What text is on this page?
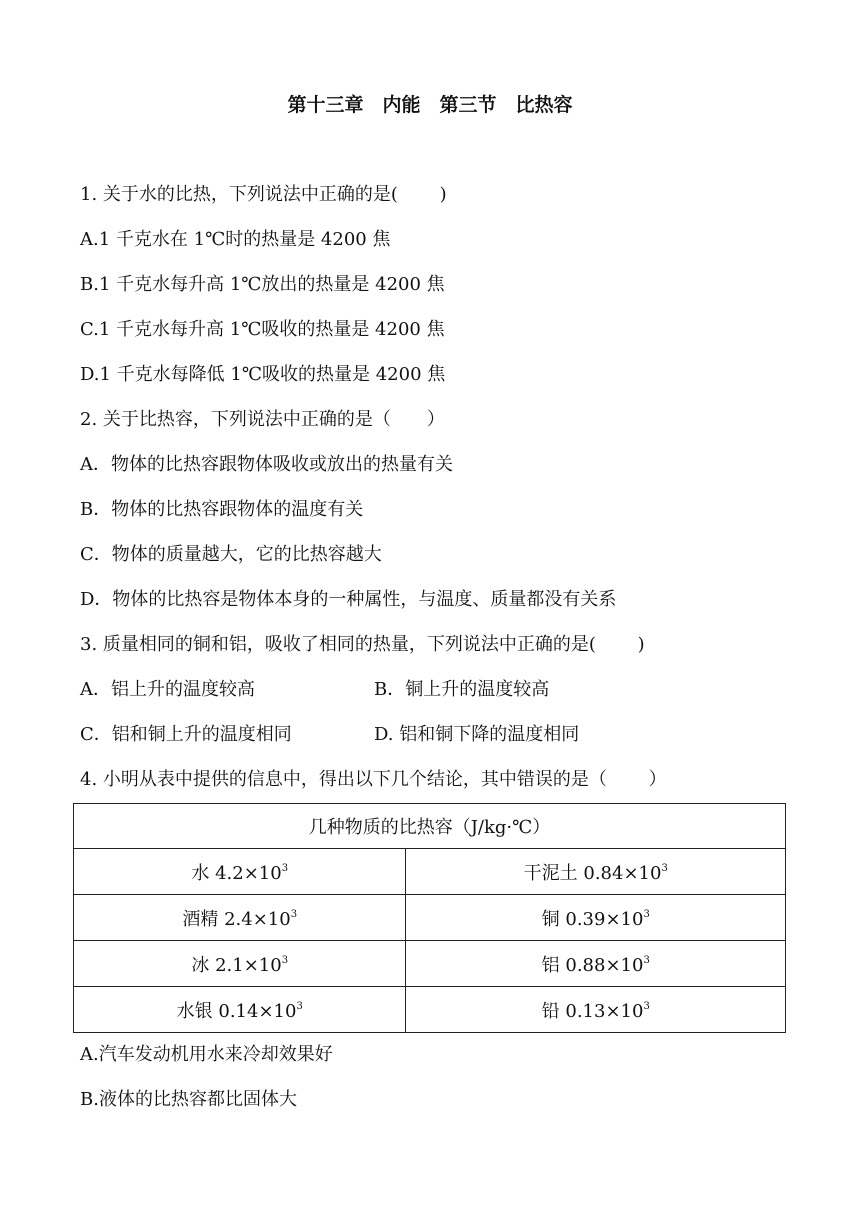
第十三章　内能　第三节　比热容
1. 关于水的比热，下列说法中正确的是(　　 )
A.1 千克水在 1℃时的热量是 4200 焦
B.1 千克水每升高 1℃放出的热量是 4200 焦
C.1 千克水每升高 1℃吸收的热量是 4200 焦
D.1 千克水每降低 1℃吸收的热量是 4200 焦
2. 关于比热容，下列说法中正确的是（　　）
A．物体的比热容跟物体吸收或放出的热量有关
B．物体的比热容跟物体的温度有关
C．物体的质量越大，它的比热容越大
D．物体的比热容是物体本身的一种属性，与温度、质量都没有关系
3. 质量相同的铜和铝，吸收了相同的热量，下列说法中正确的是(　　 )
A．铝上升的温度较高	B．铜上升的温度较高
C．铝和铜上升的温度相同	D. 铝和铜下降的温度相同
4. 小明从表中提供的信息中，得出以下几个结论，其中错误的是（　　 ）
几种物质的比热容（J/kg·℃）	
水 $4.2\times 10^3$	干泥土 $0.84\times 10^3$
酒精 $2.4\times 10^3$	铜 $0.39\times 10^3$
冰 $2.1\times 10^3$	铝 $0.88\times 10^3$
水银 $0.14\times 10^3$	铅 $0.13\times 10^3$
A.汽车发动机用水来冷却效果好
B.液体的比热容都比固体大
